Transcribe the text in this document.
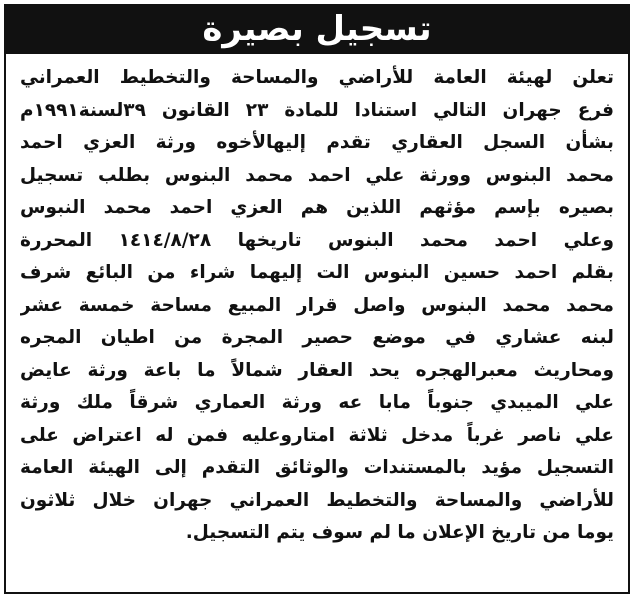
تسجيل بصيرة
تعلن لهيئة العامة للأراضي والمساحة والتخطيط العمراني
فرع جهران التالي استنادا للمادة ٢٣ القانون ٣٩لسنة١٩٩١م
بشأن السجل العقاري تقدم إليهالأخوه ورثة العزي احمد
محمد البنوس وورثة علي احمد محمد البنوس بطلب تسجيل
بصيره بإسم مؤثهم اللذين هم العزي احمد محمد النبوس
وعلي احمد محمد البنوس تاريخها ١٤١٤/٨/٢٨ المحررة
بقلم احمد حسين البنوس الت إليهما شراء من البائع شرف
محمد محمد البنوس واصل قرار المبيع مساحة خمسة عشر
لبنه عشاري في موضع حصير المجرة من اطيان المجره
ومحاريث معبرالهجره يحد العقار شمالاً ما باعة ورثة عايض
علي الميبدي جنوباً مابا عه ورثة العماري شرقاً ملك ورثة
علي ناصر غرباً مدخل ثلاثة امتاروعليه فمن له اعتراض على
التسجيل مؤيد بالمستندات والوثائق التقدم إلى الهيئة العامة
للأراضي والمساحة والتخطيط العمراني جهران خلال ثلاثون
يوما من تاريخ الإعلان ما لم سوف يتم التسجيل.
